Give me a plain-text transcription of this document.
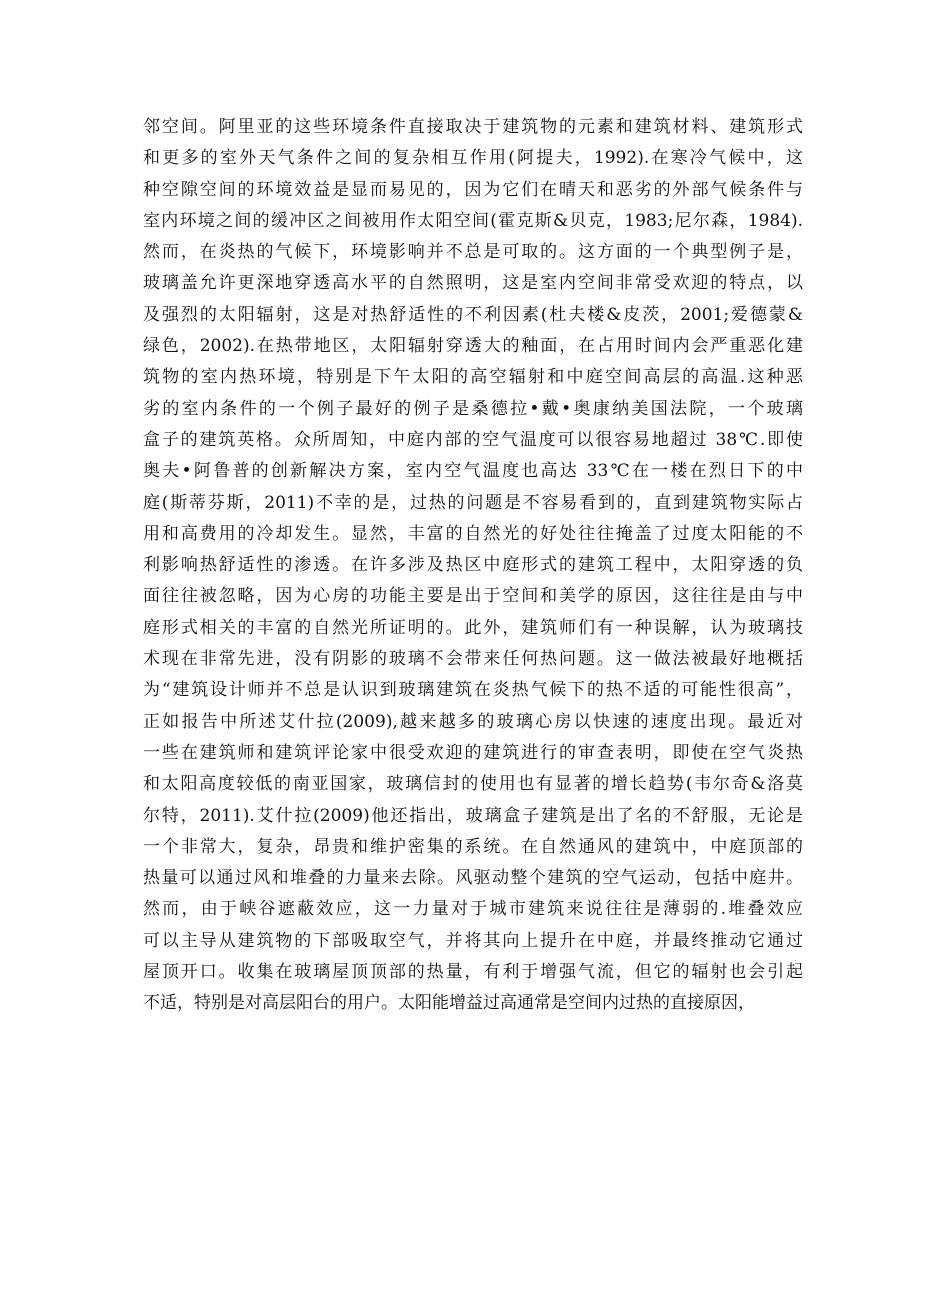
邻空间。阿里亚的这些环境条件直接取决于建筑物的元素和建筑材料、建筑形式
和更多的室外天气条件之间的复杂相互作用(阿提夫，1992).在寒冷气候中，这
种空隙空间的环境效益是显而易见的，因为它们在晴天和恶劣的外部气候条件与
室内环境之间的缓冲区之间被用作太阳空间(霍克斯&贝克，1983;尼尔森，1984).
然而，在炎热的气候下，环境影响并不总是可取的。这方面的一个典型例子是，
玻璃盖允许更深地穿透高水平的自然照明，这是室内空间非常受欢迎的特点，以
及强烈的太阳辐射，这是对热舒适性的不利因素(杜夫楼&皮茨，2001;爱德蒙&
绿色，2002).在热带地区，太阳辐射穿透大的釉面，在占用时间内会严重恶化建
筑物的室内热环境，特别是下午太阳的高空辐射和中庭空间高层的高温.这种恶
劣的室内条件的一个例子最好的例子是桑德拉•戴•奥康纳美国法院，一个玻璃
盒子的建筑英格。众所周知，中庭内部的空气温度可以很容易地超过 38℃.即使
奥夫•阿鲁普的创新解决方案，室内空气温度也高达 33℃在一楼在烈日下的中
庭(斯蒂芬斯，2011)不幸的是，过热的问题是不容易看到的，直到建筑物实际占
用和高费用的冷却发生。显然，丰富的自然光的好处往往掩盖了过度太阳能的不
利影响热舒适性的渗透。在许多涉及热区中庭形式的建筑工程中，太阳穿透的负
面往往被忽略，因为心房的功能主要是出于空间和美学的原因，这往往是由与中
庭形式相关的丰富的自然光所证明的。此外，建筑师们有一种误解，认为玻璃技
术现在非常先进，没有阴影的玻璃不会带来任何热问题。这一做法被最好地概括
为“建筑设计师并不总是认识到玻璃建筑在炎热气候下的热不适的可能性很高”，
正如报告中所述艾什拉(2009),越来越多的玻璃心房以快速的速度出现。最近对
一些在建筑师和建筑评论家中很受欢迎的建筑进行的审查表明，即使在空气炎热
和太阳高度较低的南亚国家，玻璃信封的使用也有显著的增长趋势(韦尔奇&洛莫
尔特，2011).艾什拉(2009)他还指出，玻璃盒子建筑是出了名的不舒服，无论是
一个非常大，复杂，昂贵和维护密集的系统。在自然通风的建筑中，中庭顶部的
热量可以通过风和堆叠的力量来去除。风驱动整个建筑的空气运动，包括中庭井。
然而，由于峡谷遮蔽效应，这一力量对于城市建筑来说往往是薄弱的.堆叠效应
可以主导从建筑物的下部吸取空气，并将其向上提升在中庭，并最终推动它通过
屋顶开口。收集在玻璃屋顶顶部的热量，有利于增强气流，但它的辐射也会引起
不适，特别是对高层阳台的用户。太阳能增益过高通常是空间内过热的直接原因，
